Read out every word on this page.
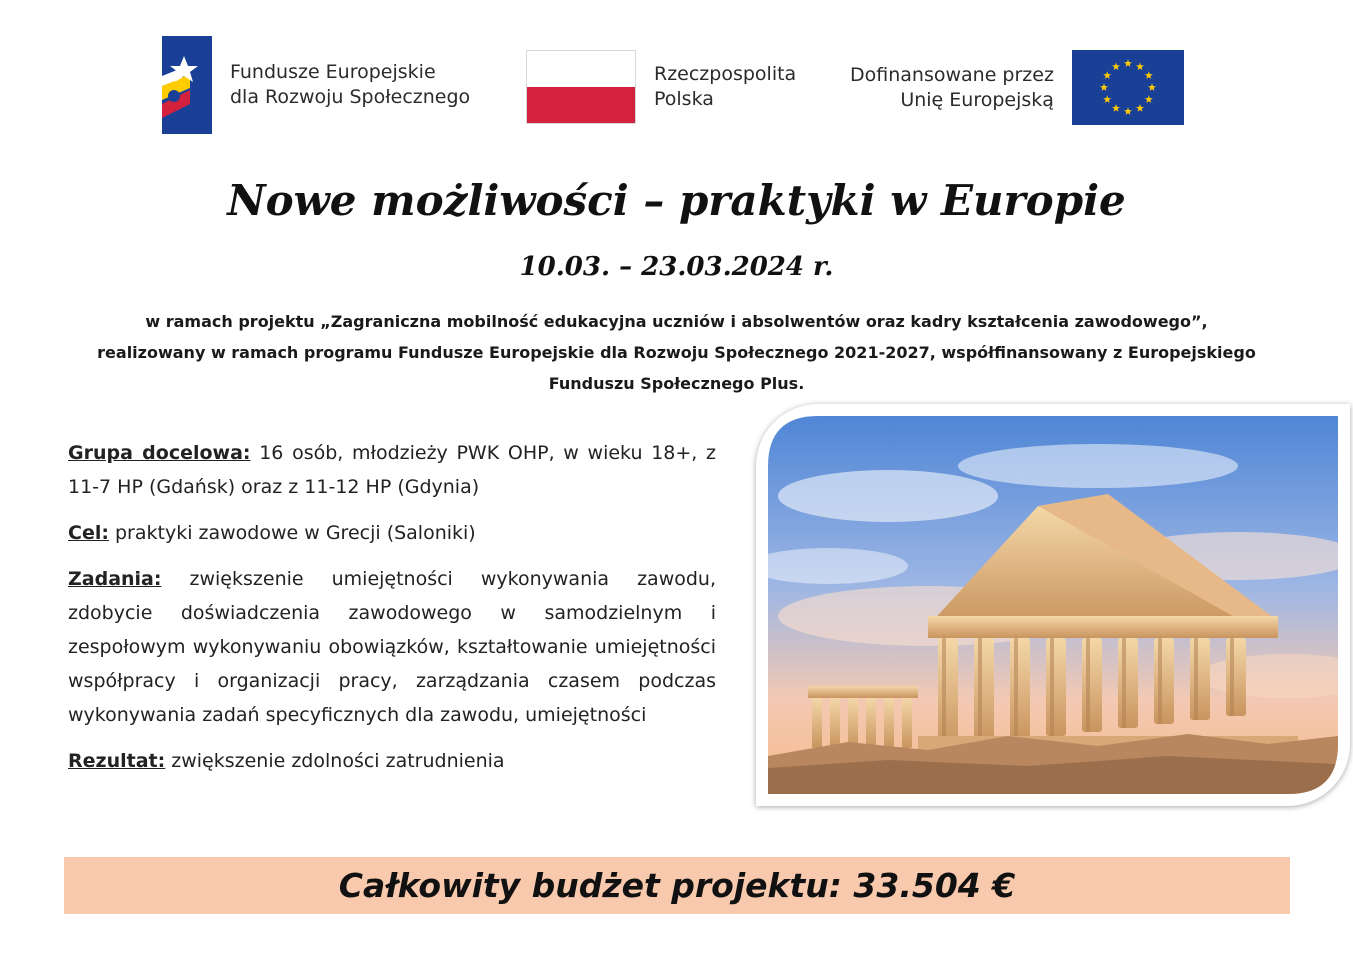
Fundusze Europejskie
dla Rozwoju Społecznego
Rzeczpospolita
Polska
Dofinansowane przez
Unię Europejską
Nowe możliwości – praktyki w Europie
10.03. – 23.03.2024 r.
w ramach projektu „Zagraniczna mobilność edukacyjna uczniów i absolwentów oraz kadry kształcenia zawodowego”,
realizowany w ramach programu Fundusze Europejskie dla Rozwoju Społecznego 2021-2027, współfinansowany z Europejskiego
Funduszu Społecznego Plus.

Grupa docelowa: 16 osób, młodzieży PWK OHP, w wieku 18+, z 11-7 HP (Gdańsk) oraz z 11-12 HP (Gdynia)

Cel: praktyki zawodowe w Grecji (Saloniki)

Zadania: zwiększenie umiejętności wykonywania zawodu, zdobycie doświadczenia zawodowego w samodzielnym i zespołowym wykonywaniu obowiązków, kształtowanie umiejętności współpracy i organizacji pracy, zarządzania czasem podczas wykonywania zadań specyficznych dla zawodu, umiejętności

Rezultat: zwiększenie zdolności zatrudnienia

Całkowity budżet projektu: 33.504 €
